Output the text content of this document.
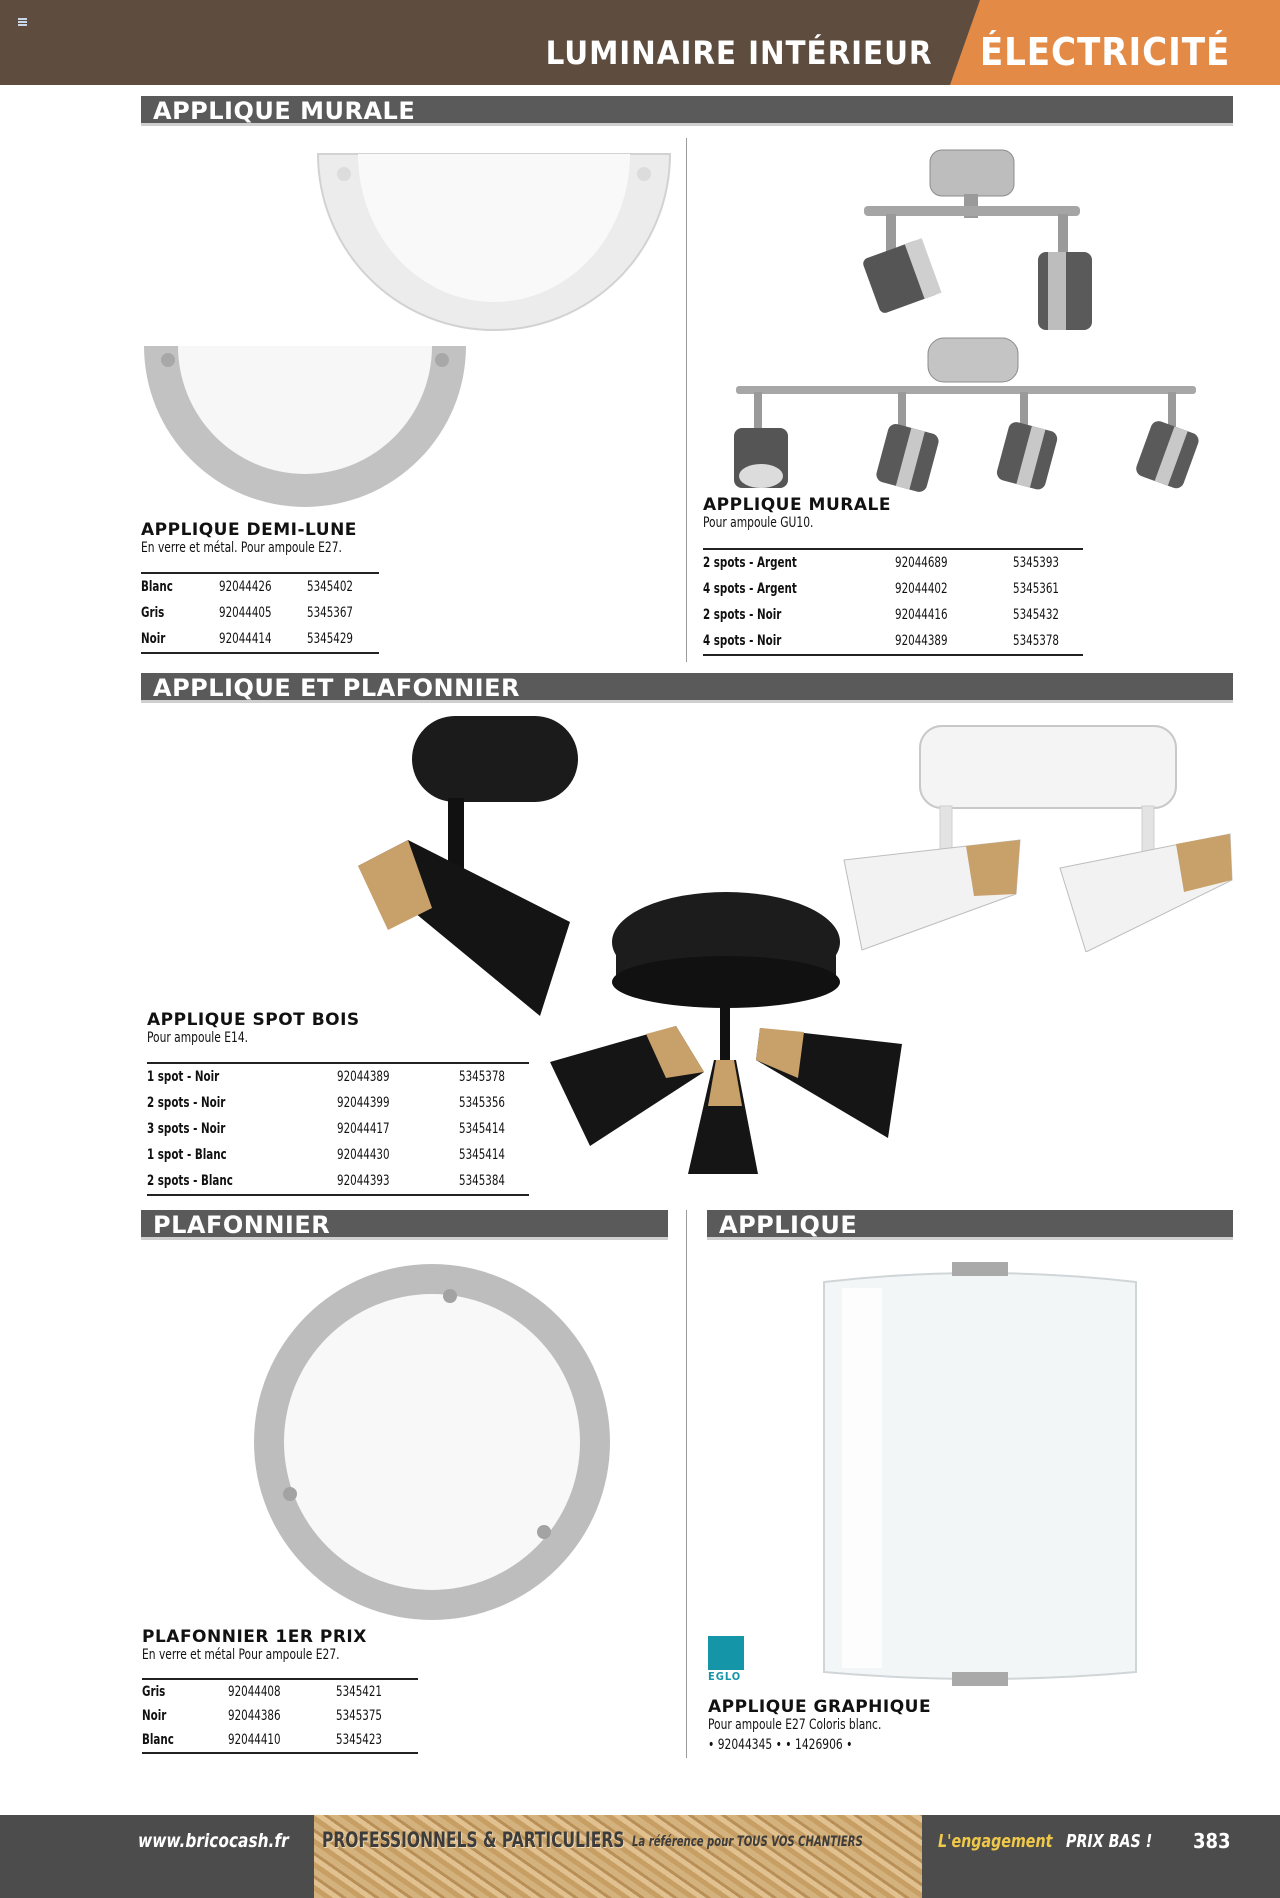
LUMINAIRE INTÉRIEUR ÉLECTRICITÉ
APPLIQUE MURALE
APPLIQUE DEMI-LUNE
En verre et métal. Pour ampoule E27.
Blanc	92044426	5345402
Gris	92044405	5345367
Noir	92044414	5345429
APPLIQUE MURALE
Pour ampoule GU10.
2 spots - Argent	92044689	5345393
4 spots - Argent	92044402	5345361
2 spots - Noir	92044416	5345432
4 spots - Noir	92044389	5345378
APPLIQUE ET PLAFONNIER
APPLIQUE SPOT BOIS
Pour ampoule E14.
1 spot - Noir	92044389	5345378
2 spots - Noir	92044399	5345356
3 spots - Noir	92044417	5345414
1 spot - Blanc	92044430	5345414
2 spots - Blanc	92044393	5345384
PLAFONNIER	APPLIQUE
PLAFONNIER 1ER PRIX
En verre et métal Pour ampoule E27.
Gris	92044408	5345421
Noir	92044386	5345375
Blanc	92044410	5345423
EGLO
APPLIQUE GRAPHIQUE
Pour ampoule E27 Coloris blanc.
• 92044345 • • 1426906 •
www.bricocash.fr PROFESSIONNELS & PARTICULIERS La référence pour TOUS VOS CHANTIERS	L'engagement PRIX BAS ! 383
